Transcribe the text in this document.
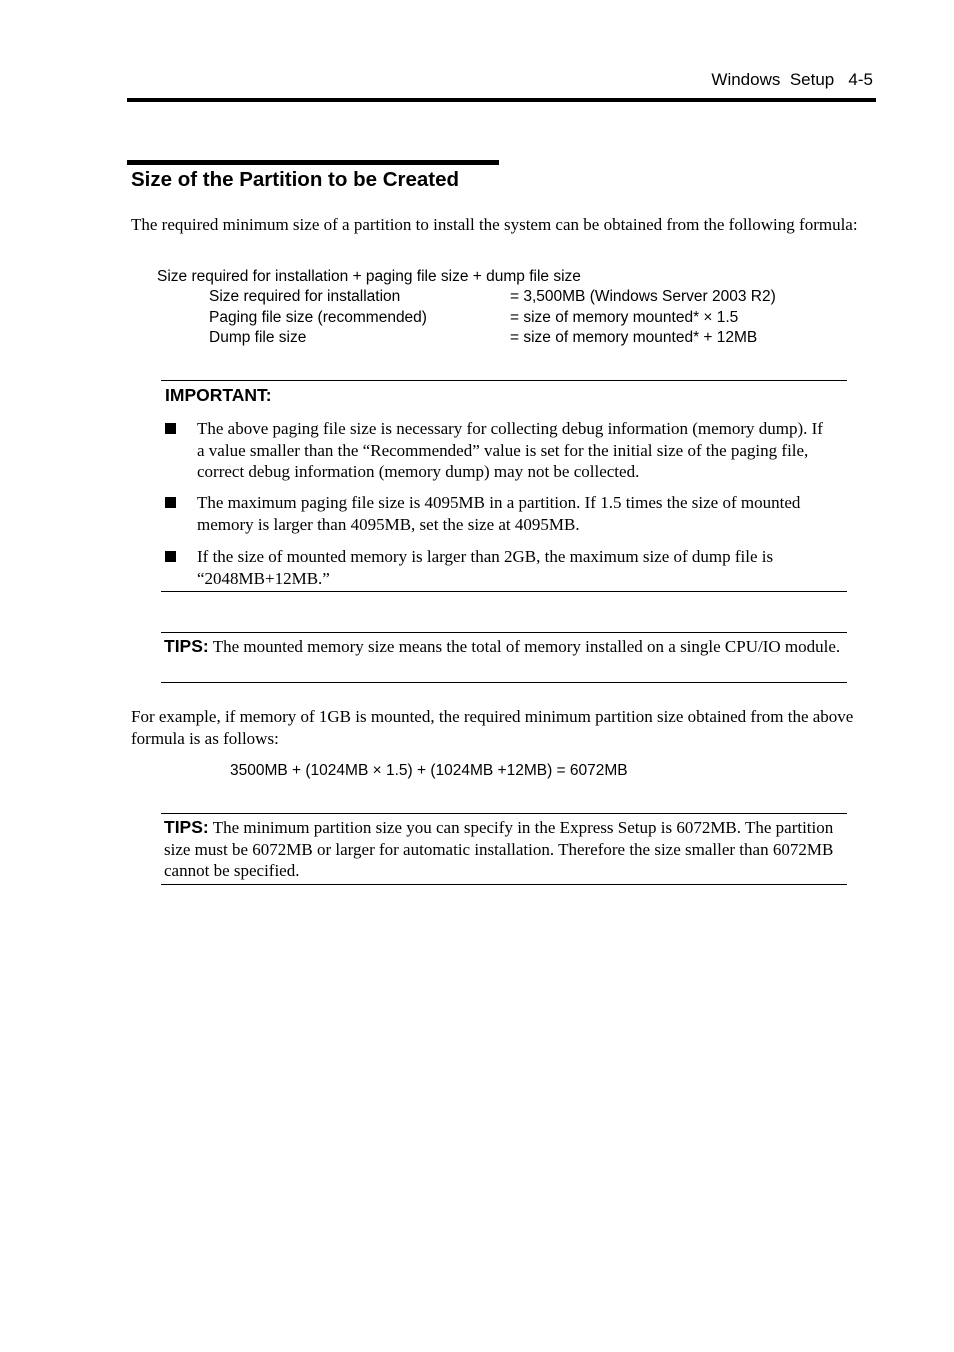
Windows  Setup 4-5
Size of the Partition to be Created
The required minimum size of a partition to install the system can be obtained from the following formula:
Size required for installation + paging file size + dump file size
Size required for installation	= 3,500MB (Windows Server 2003 R2)
Paging file size (recommended)	= size of memory mounted* × 1.5
Dump file size	= size of memory mounted* + 12MB
IMPORTANT:
The above paging file size is necessary for collecting debug information (memory dump). If a value smaller than the “Recommended” value is set for the initial size of the paging file, correct debug information (memory dump) may not be collected.
The maximum paging file size is 4095MB in a partition. If 1.5 times the size of mounted memory is larger than 4095MB, set the size at 4095MB.
If the size of mounted memory is larger than 2GB, the maximum size of dump file is “2048MB+12MB.”

TIPS: The mounted memory size means the total of memory installed on a single CPU/IO module.

For example, if memory of 1GB is mounted, the required minimum partition size obtained from the above formula is as follows:
3500MB + (1024MB × 1.5) + (1024MB +12MB) = 6072MB

TIPS: The minimum partition size you can specify in the Express Setup is 6072MB. The partition size must be 6072MB or larger for automatic installation. Therefore the size smaller than 6072MB cannot be specified.
